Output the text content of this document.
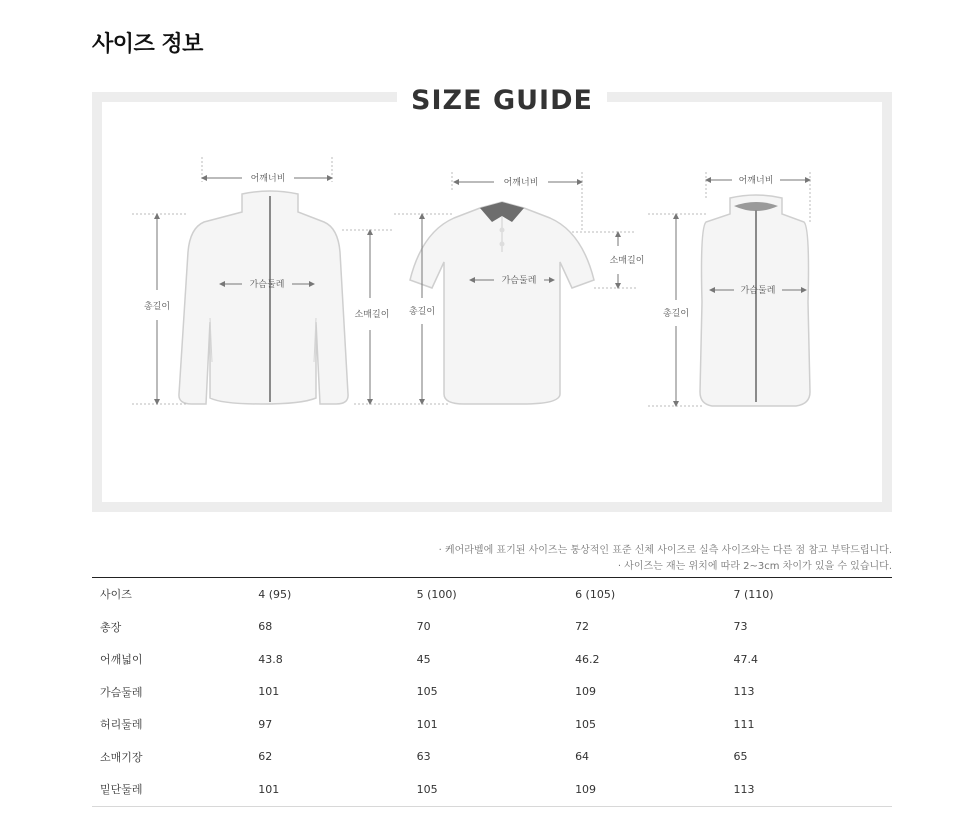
사이즈 정보
어깨너비
가슴둘레
총길이
소매길이
어깨너비
가슴둘레
총길이
소매길이
어깨너비
가슴둘레
총길이
SIZE GUIDE
· 케어라벨에 표기된 사이즈는 통상적인 표준 신체 사이즈로 실측 사이즈와는 다른 점 참고 부탁드립니다.
· 사이즈는 재는 위치에 따라 2~3cm 차이가 있을 수 있습니다.
사이즈	4 (95)	5 (100)	6 (105)	7 (110)
총장	68	70	72	73
어깨넓이	43.8	45	46.2	47.4
가슴둘레	101	105	109	113
허리둘레	97	101	105	111
소매기장	62	63	64	65
밑단둘레	101	105	109	113
